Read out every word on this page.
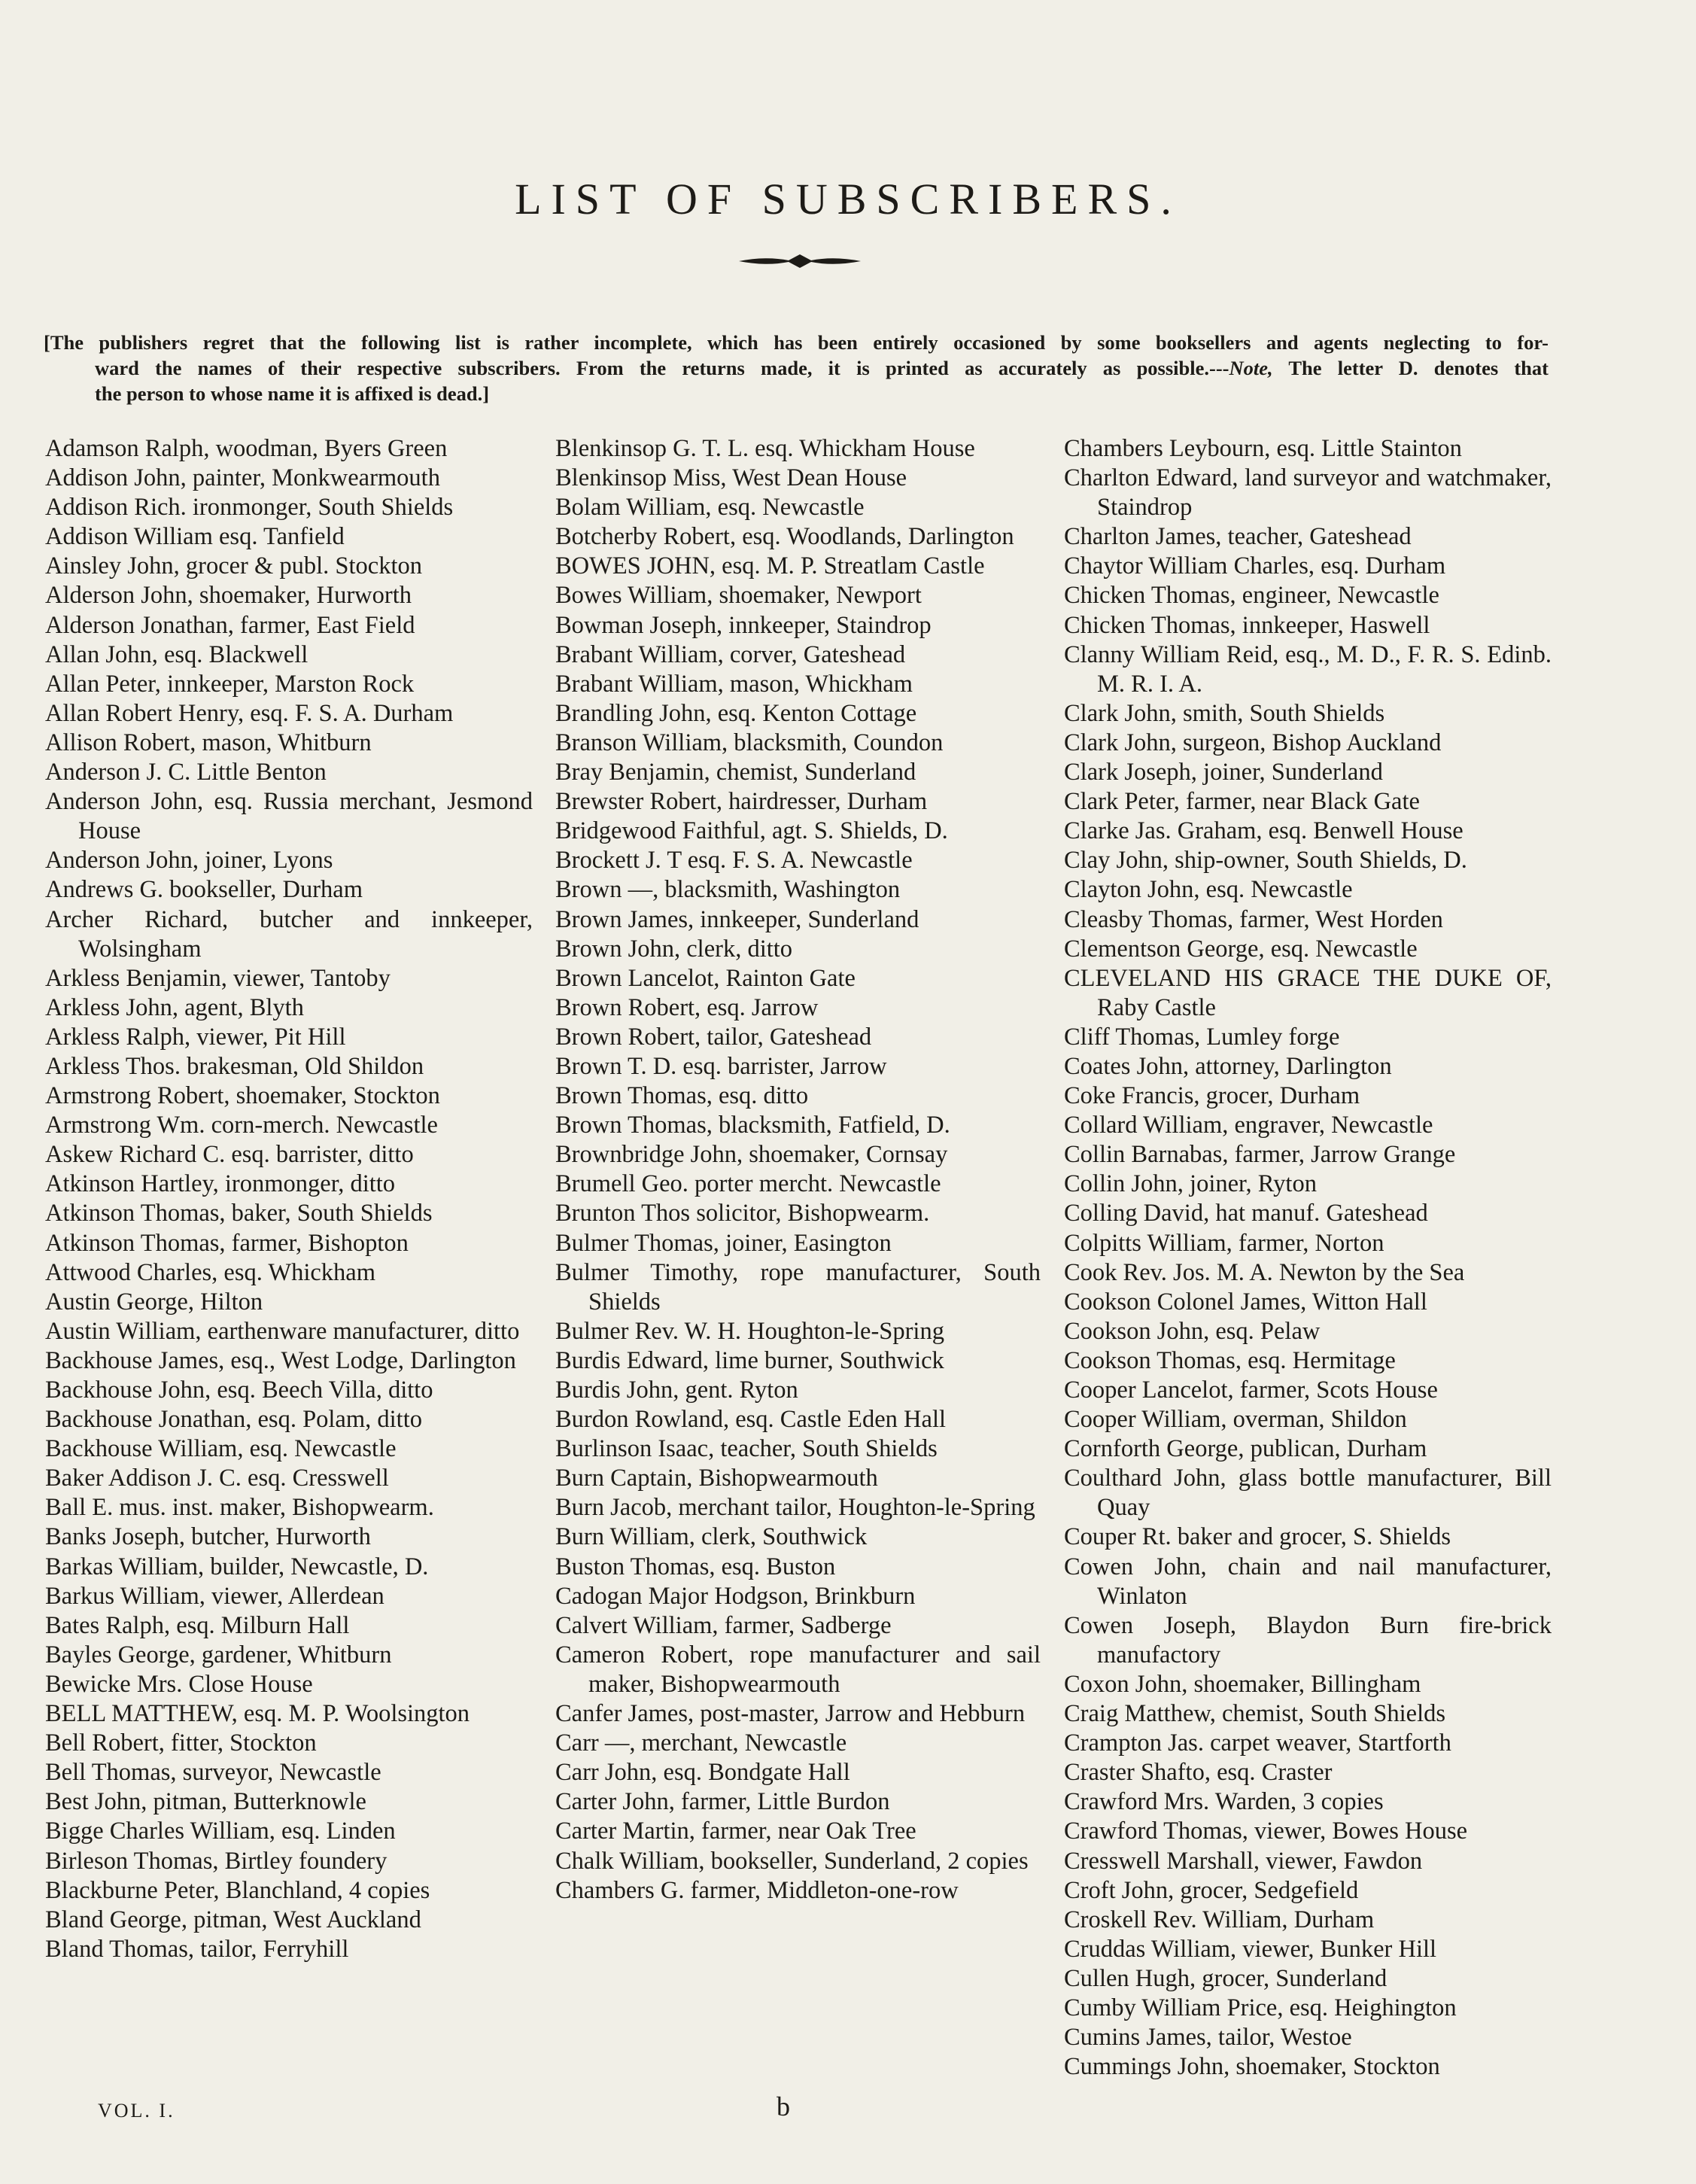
LIST OF SUBSCRIBERS.
[The publishers regret that the following list is rather incomplete, which has been entirely occasioned by some booksellers and agents neglecting to for-
ward the names of their respective subscribers. From the returns made, it is printed as accurately as possible.---Note, The letter D. denotes that
the person to whose name it is affixed is dead.]
Adamson Ralph, woodman, Byers Green
Addison John, painter, Monkwearmouth
Addison Rich. ironmonger, South Shields
Addison William esq. Tanfield
Ainsley John, grocer & publ. Stockton
Alderson John, shoemaker, Hurworth
Alderson Jonathan, farmer, East Field
Allan John, esq. Blackwell
Allan Peter, innkeeper, Marston Rock
Allan Robert Henry, esq. F. S. A. Durham
Allison Robert, mason, Whitburn
Anderson J. C. Little Benton
Anderson John, esq. Russia merchant, Jesmond House
Anderson John, joiner, Lyons
Andrews G. bookseller, Durham
Archer Richard, butcher and innkeeper, Wolsingham
Arkless Benjamin, viewer, Tantoby
Arkless John, agent, Blyth
Arkless Ralph, viewer, Pit Hill
Arkless Thos. brakesman, Old Shildon
Armstrong Robert, shoemaker, Stockton
Armstrong Wm. corn-merch. Newcastle
Askew Richard C. esq. barrister, ditto
Atkinson Hartley, ironmonger, ditto
Atkinson Thomas, baker, South Shields
Atkinson Thomas, farmer, Bishopton
Attwood Charles, esq. Whickham
Austin George, Hilton
Austin William, earthenware manufacturer, ditto
Backhouse James, esq., West Lodge, Darlington
Backhouse John, esq. Beech Villa, ditto
Backhouse Jonathan, esq. Polam, ditto
Backhouse William, esq. Newcastle
Baker Addison J. C. esq. Cresswell
Ball E. mus. inst. maker, Bishopwearm.
Banks Joseph, butcher, Hurworth
Barkas William, builder, Newcastle, D.
Barkus William, viewer, Allerdean
Bates Ralph, esq. Milburn Hall
Bayles George, gardener, Whitburn
Bewicke Mrs. Close House
BELL MATTHEW, esq. M. P. Woolsington
Bell Robert, fitter, Stockton
Bell Thomas, surveyor, Newcastle
Best John, pitman, Butterknowle
Bigge Charles William, esq. Linden
Birleson Thomas, Birtley foundery
Blackburne Peter, Blanchland, 4 copies
Bland George, pitman, West Auckland
Bland Thomas, tailor, Ferryhill
Blenkinsop G. T. L. esq. Whickham House
Blenkinsop Miss, West Dean House
Bolam William, esq. Newcastle
Botcherby Robert, esq. Woodlands, Darlington
BOWES JOHN, esq. M. P. Streatlam Castle
Bowes William, shoemaker, Newport
Bowman Joseph, innkeeper, Staindrop
Brabant William, corver, Gateshead
Brabant William, mason, Whickham
Brandling John, esq. Kenton Cottage
Branson William, blacksmith, Coundon
Bray Benjamin, chemist, Sunderland
Brewster Robert, hairdresser, Durham
Bridgewood Faithful, agt. S. Shields, D.
Brockett J. T esq. F. S. A. Newcastle
Brown —, blacksmith, Washington
Brown James, innkeeper, Sunderland
Brown John, clerk, ditto
Brown Lancelot, Rainton Gate
Brown Robert, esq. Jarrow
Brown Robert, tailor, Gateshead
Brown T. D. esq. barrister, Jarrow
Brown Thomas, esq. ditto
Brown Thomas, blacksmith, Fatfield, D.
Brownbridge John, shoemaker, Cornsay
Brumell Geo. porter mercht. Newcastle
Brunton Thos solicitor, Bishopwearm.
Bulmer Thomas, joiner, Easington
Bulmer Timothy, rope manufacturer, South Shields
Bulmer Rev. W. H. Houghton-le-Spring
Burdis Edward, lime burner, Southwick
Burdis John, gent. Ryton
Burdon Rowland, esq. Castle Eden Hall
Burlinson Isaac, teacher, South Shields
Burn Captain, Bishopwearmouth
Burn Jacob, merchant tailor, Houghton-le-Spring
Burn William, clerk, Southwick
Buston Thomas, esq. Buston
Cadogan Major Hodgson, Brinkburn
Calvert William, farmer, Sadberge
Cameron Robert, rope manufacturer and sail maker, Bishopwearmouth
Canfer James, post-master, Jarrow and Hebburn
Carr —, merchant, Newcastle
Carr John, esq. Bondgate Hall
Carter John, farmer, Little Burdon
Carter Martin, farmer, near Oak Tree
Chalk William, bookseller, Sunderland, 2 copies
Chambers G. farmer, Middleton-one-row
Chambers Leybourn, esq. Little Stainton
Charlton Edward, land surveyor and watchmaker, Staindrop
Charlton James, teacher, Gateshead
Chaytor William Charles, esq. Durham
Chicken Thomas, engineer, Newcastle
Chicken Thomas, innkeeper, Haswell
Clanny William Reid, esq., M. D., F. R. S. Edinb. M. R. I. A.
Clark John, smith, South Shields
Clark John, surgeon, Bishop Auckland
Clark Joseph, joiner, Sunderland
Clark Peter, farmer, near Black Gate
Clarke Jas. Graham, esq. Benwell House
Clay John, ship-owner, South Shields, D.
Clayton John, esq. Newcastle
Cleasby Thomas, farmer, West Horden
Clementson George, esq. Newcastle
CLEVELAND HIS GRACE THE DUKE OF, Raby Castle
Cliff Thomas, Lumley forge
Coates John, attorney, Darlington
Coke Francis, grocer, Durham
Collard William, engraver, Newcastle
Collin Barnabas, farmer, Jarrow Grange
Collin John, joiner, Ryton
Colling David, hat manuf. Gateshead
Colpitts William, farmer, Norton
Cook Rev. Jos. M. A. Newton by the Sea
Cookson Colonel James, Witton Hall
Cookson John, esq. Pelaw
Cookson Thomas, esq. Hermitage
Cooper Lancelot, farmer, Scots House
Cooper William, overman, Shildon
Cornforth George, publican, Durham
Coulthard John, glass bottle manufacturer, Bill Quay
Couper Rt. baker and grocer, S. Shields
Cowen John, chain and nail manufacturer, Winlaton
Cowen Joseph, Blaydon Burn fire-brick manufactory
Coxon John, shoemaker, Billingham
Craig Matthew, chemist, South Shields
Crampton Jas. carpet weaver, Startforth
Craster Shafto, esq. Craster
Crawford Mrs. Warden, 3 copies
Crawford Thomas, viewer, Bowes House
Cresswell Marshall, viewer, Fawdon
Croft John, grocer, Sedgefield
Croskell Rev. William, Durham
Cruddas William, viewer, Bunker Hill
Cullen Hugh, grocer, Sunderland
Cumby William Price, esq. Heighington
Cumins James, tailor, Westoe
Cummings John, shoemaker, Stockton
VOL. I.	b
